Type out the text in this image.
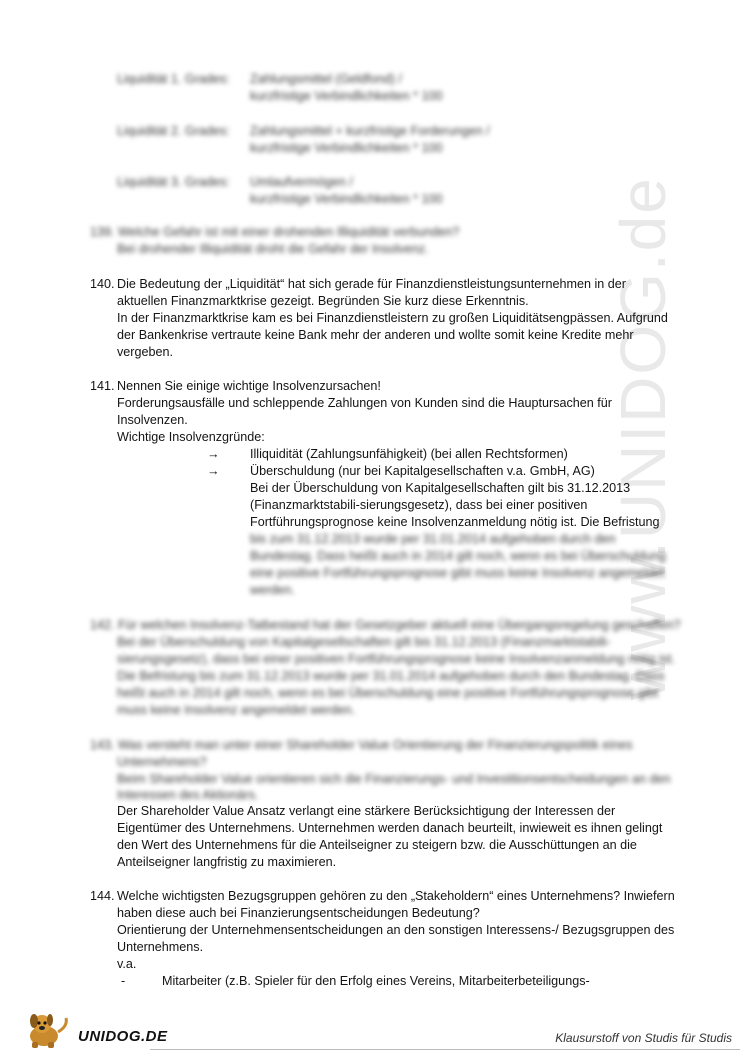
www.UNIDOG.de
Liquidität 1. Grades: Zahlungsmittel (Geldfond) /
kurzfristige Verbindlichkeiten * 100
Liquidität 2. Grades: Zahlungsmittel + kurzfristige Forderungen /
kurzfristige Verbindlichkeiten * 100
Liquidität 3. Grades: Umlaufvermögen /
kurzfristige Verbindlichkeiten * 100
139. Welche Gefahr ist mit einer drohenden Illiquidität verbunden?
Bei drohender Illiquidität droht die Gefahr der Insolvenz.
140. Die Bedeutung der „Liquidität“ hat sich gerade für Finanzdienstleistungsunternehmen in der
aktuellen Finanzmarktkrise gezeigt. Begründen Sie kurz diese Erkenntnis.
In der Finanzmarktkrise kam es bei Finanzdienstleistern zu großen Liquiditätsengpässen. Aufgrund
der Bankenkrise vertraute keine Bank mehr der anderen und wollte somit keine Kredite mehr
vergeben.
141. Nennen Sie einige wichtige Insolvenzursachen!
Forderungsausfälle und schleppende Zahlungen von Kunden sind die Hauptursachen für
Insolvenzen.
Wichtige Insolvenzgründe:
→ Illiquidität (Zahlungsunfähigkeit) (bei allen Rechtsformen)
→ Überschuldung (nur bei Kapitalgesellschaften v.a. GmbH, AG)
Bei der Überschuldung von Kapitalgesellschaften gilt bis 31.12.2013
(Finanzmarktstabili-sierungsgesetz), dass bei einer positiven
Fortführungsprognose keine Insolvenzanmeldung nötig ist. Die Befristung
bis zum 31.12.2013 wurde per 31.01.2014 aufgehoben durch den
Bundestag. Dass heißt auch in 2014 gilt noch, wenn es bei Überschuldung
eine positive Fortführungsprognose gibt muss keine Insolvenz angemeldet
werden.
142. Für welchen Insolvenz-Tatbestand hat der Gesetzgeber aktuell eine Übergangsregelung geschaffen?
Bei der Überschuldung von Kapitalgesellschaften gilt bis 31.12.2013 (Finanzmarktstabili-
sierungsgesetz), dass bei einer positiven Fortführungsprognose keine Insolvenzanmeldung nötig ist.
Die Befristung bis zum 31.12.2013 wurde per 31.01.2014 aufgehoben durch den Bundestag. Dass
heißt auch in 2014 gilt noch, wenn es bei Überschuldung eine positive Fortführungsprognose gibt
muss keine Insolvenz angemeldet werden.
143. Was versteht man unter einer Shareholder Value Orientierung der Finanzierungspolitik eines
Unternehmens?
Beim Shareholder Value orientieren sich die Finanzierungs- und Investitionsentscheidungen an den
Interessen des Aktionärs.
Der Shareholder Value Ansatz verlangt eine stärkere Berücksichtigung der Interessen der
Eigentümer des Unternehmens. Unternehmen werden danach beurteilt, inwieweit es ihnen gelingt
den Wert des Unternehmens für die Anteilseigner zu steigern bzw. die Ausschüttungen an die
Anteilseigner langfristig zu maximieren.
144. Welche wichtigsten Bezugsgruppen gehören zu den „Stakeholdern“ eines Unternehmens? Inwiefern
haben diese auch bei Finanzierungsentscheidungen Bedeutung?
Orientierung der Unternehmensentscheidungen an den sonstigen Interessens-/ Bezugsgruppen des
Unternehmens.
v.a.
-	Mitarbeiter (z.B. Spieler für den Erfolg eines Vereins, Mitarbeiterbeteiligungs-
UNIDOG.DE	Klausurstoff von Studis für Studis
